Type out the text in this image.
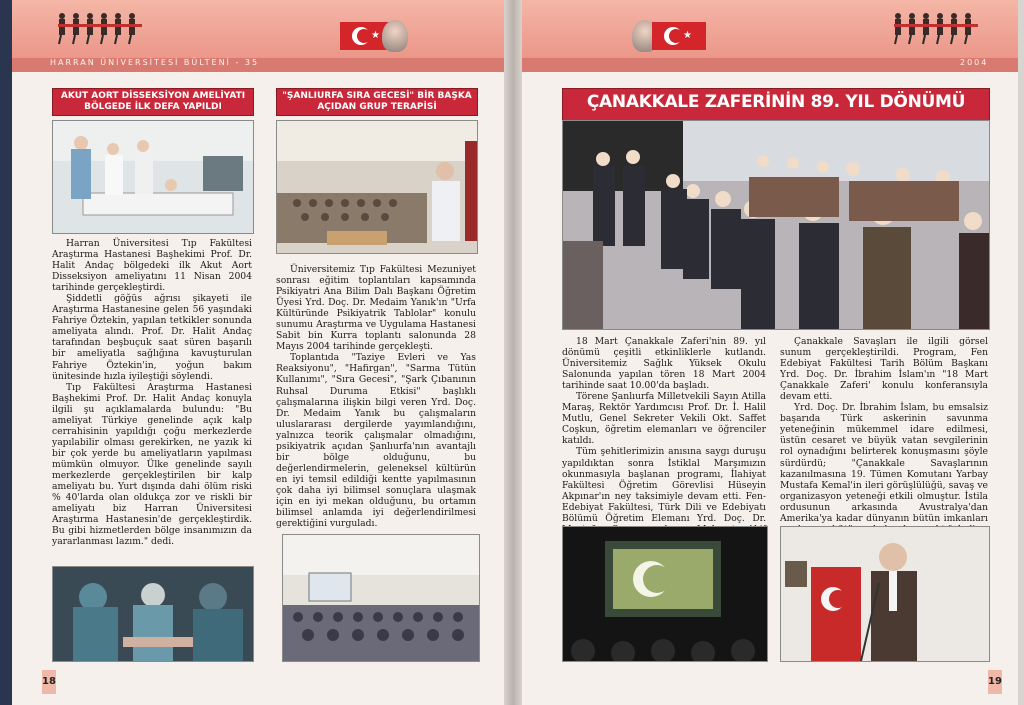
★
HARRAN ÜNİVERSİTESİ BÜLTENİ - 35
AKUT AORT DİSSEKSİYON AMELİYATI BÖLGEDE İLK DEFA YAPILDI

Harran Üniversitesi Tıp Fakültesi Araştırma Hastanesi Başhekimi Prof. Dr. Halit Andaç bölgedeki ilk Akut Aort Disseksiyon ameliyatını 11 Nisan 2004 tarihinde gerçekleştirdi.

Şiddetli göğüs ağrısı şikayeti ile Araştırma Hastanesine gelen 56 yaşındaki Fahriye Öztekin, yapılan tetkikler sonunda ameliyata alındı. Prof. Dr. Halit Andaç tarafından beşbuçuk saat süren başarılı bir ameliyatla sağlığına kavuşturulan Fahriye Öztekin'in, yoğun bakım ünitesinde hızla iyileştiği söylendi.

Tıp Fakültesi Araştırma Hastanesi Başhekimi Prof. Dr. Halit Andaç konuyla ilgili şu açıklamalarda bulundu: "Bu ameliyat Türkiye genelinde açık kalp cerrahisinin yapıldığı çoğu merkezlerde yapılabilir olması gerekirken, ne yazık ki bir çok yerde bu ameliyatların yapılması mümkün olmuyor. Ülke genelinde sayılı merkezlerde gerçekleştirilen bir kalp ameliyatı bu. Yurt dışında dahi ölüm riski % 40'larda olan oldukça zor ve riskli bir ameliyatı biz Harran Üniversitesi Araştırma Hastanesin'de gerçekleştirdik. Bu gibi hizmetlerden bölge insanımızın da yararlanması lazım." dedi.

"ŞANLIURFA SIRA GECESİ" BİR BAŞKA AÇIDAN GRUP TERAPİSİ

Üniversitemiz Tıp Fakültesi Mezuniyet sonrası eğitim toplantıları kapsamında Psikiyatri Ana Bilim Dalı Başkanı Öğretim Üyesi Yrd. Doç. Dr. Medaim Yanık'ın "Urfa Kültüründe Psikiyatrik Tablolar" konulu sunumu Araştırma ve Uygulama Hastanesi Sabit bin Kurra toplantı salonunda 28 Mayıs 2004 tarihinde gerçekleşti.

Toplantıda "Taziye Evleri ve Yas Reaksiyonu", "Hafirgan", "Sarma Tütün Kullanımı", "Sıra Gecesi", "Şark Çıbanının Ruhsal Duruma Etkisi" başlıklı çalışmalarına ilişkin bilgi veren Yrd. Doç. Dr. Medaim Yanık bu çalışmaların uluslararası dergilerde yayımlandığını, yalnızca teorik çalışmalar olmadığını, psikiyatrik açıdan Şanlıurfa'nın avantajlı bir bölge olduğunu, bu değerlendirmelerin, geleneksel kültürün en iyi temsil edildiği kentte yapılmasının çok daha iyi bilimsel sonuçlara ulaşmak için en iyi mekan olduğunu, bu ortamın bilimsel anlamda iyi değerlendirilmesi gerektiğini vurguladı.

18
★
2004
ÇANAKKALE ZAFERİNİN 89. YIL DÖNÜMÜ

18 Mart Çanakkale Zaferi'nin 89. yıl dönümü çeşitli etkinliklerle kutlandı. Üniversitemiz Sağlık Yüksek Okulu Salonunda yapılan tören 18 Mart 2004 tarihinde saat 10.00'da başladı.

Törene Şanlıurfa Milletvekili Sayın Atilla Maraş, Rektör Yardımcısı Prof. Dr. İ. Halil Mutlu, Genel Sekreter Vekili Okt. Saffet Coşkun, öğretim elemanları ve öğrenciler katıldı.

Tüm şehitlerimizin anısına saygı duruşu yapıldıktan sonra İstiklal Marşımızın okunmasıyla başlanan programı, İlahiyat Fakültesi Öğretim Görevlisi Hüseyin Akpınar'ın ney taksimiyle devam etti. Fen-Edebiyat Fakültesi, Türk Dili ve Edebiyatı Bölümü Öğretim Elemanı Yrd. Doç. Dr.

Çanakkale Savaşları ile ilgili görsel sunum gerçekleştirildi. Program, Fen Edebiyat Fakültesi Tarih Bölüm Başkanı Yrd. Doç. Dr. İbrahim İslam'ın "18 Mart Çanakkale Zaferi' konulu konferansıyla devam etti.

Yrd. Doç. Dr. İbrahim İslam, bu emsalsiz başarıda Türk askerinin savunma yeteneğinin mükemmel idare edilmesi, üstün cesaret ve büyük vatan sevgilerinin rol oynadığını belirterek konuşmasını şöyle sürdürdü; "Çanakkale Savaşlarının kazanılmasına 19. Tümen Komutanı Yarbay Mustafa Kemal'in ileri görüşlülüğü, savaş ve organizasyon yeteneği etkili olmuştur. İstila ordusunun arkasında Avustralya'dan Amerika'ya kadar dünyanın bütün imkanları

19
